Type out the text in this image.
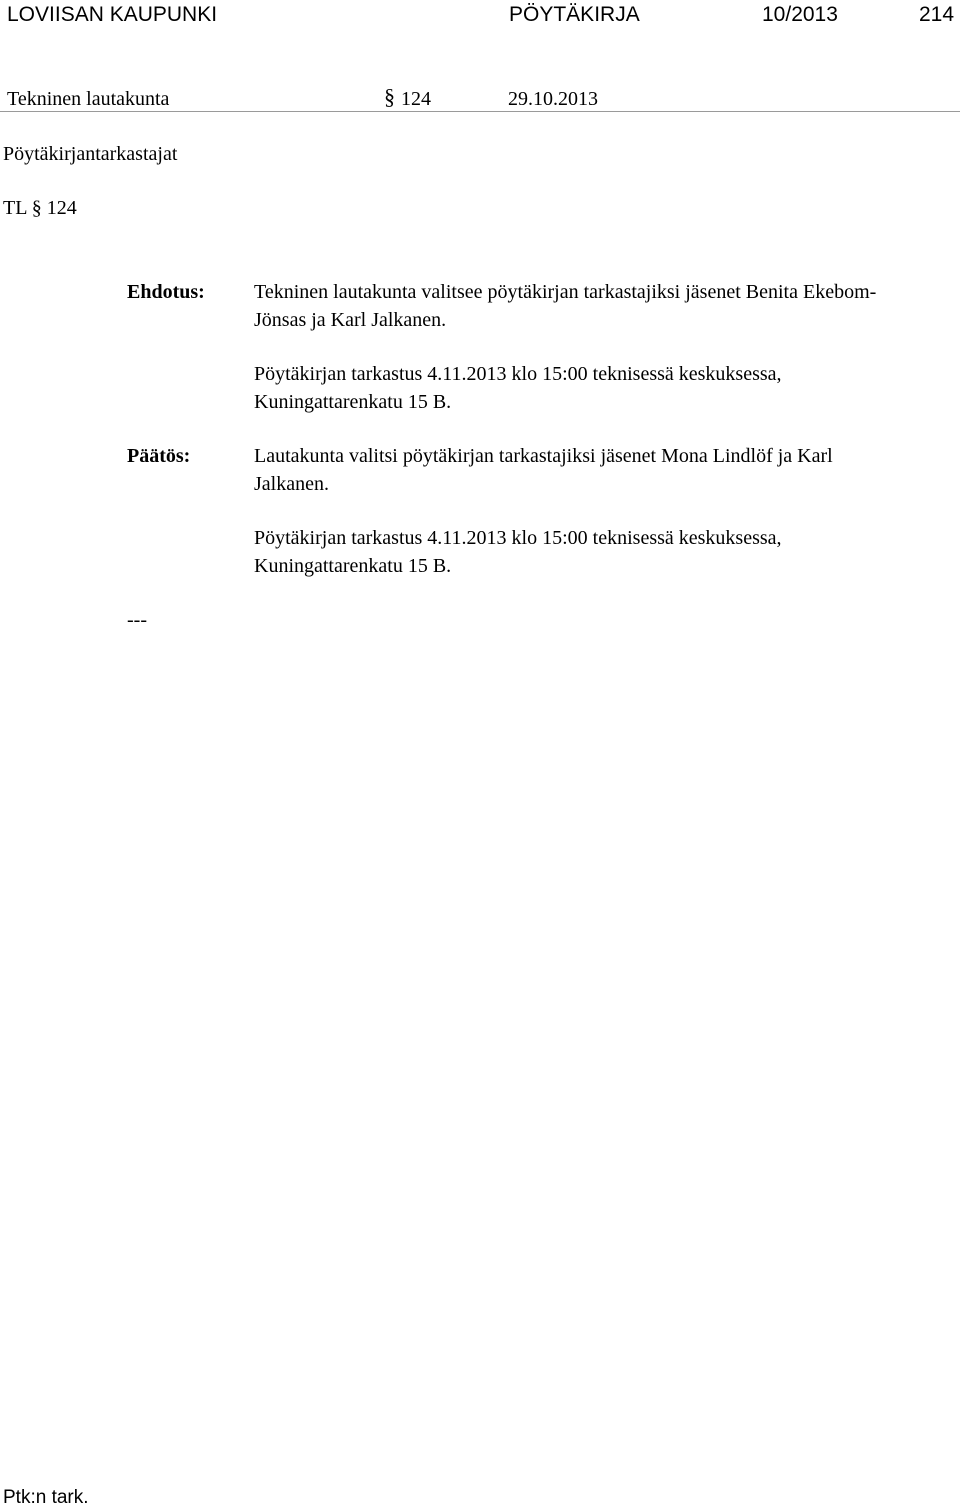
LOVIISAN KAUPUNKI	PÖYTÄKIRJA	10/2013	214
Tekninen lautakunta	§ 124	29.10.2013
Pöytäkirjantarkastajat
TL § 124
Ehdotus: Tekninen lautakunta valitsee pöytäkirjan tarkastajiksi jäsenet Benita Ekebom-Jönsas ja Karl Jalkanen.
Pöytäkirjan tarkastus 4.11.2013 klo 15:00 teknisessä keskuksessa, Kuningattarenkatu 15 B.
Päätös:	Lautakunta valitsi pöytäkirjan tarkastajiksi jäsenet Mona Lindlöf ja Karl Jalkanen.
Pöytäkirjan tarkastus 4.11.2013 klo 15:00 teknisessä keskuksessa, Kuningattarenkatu 15 B.
---
Ptk:n tark.
